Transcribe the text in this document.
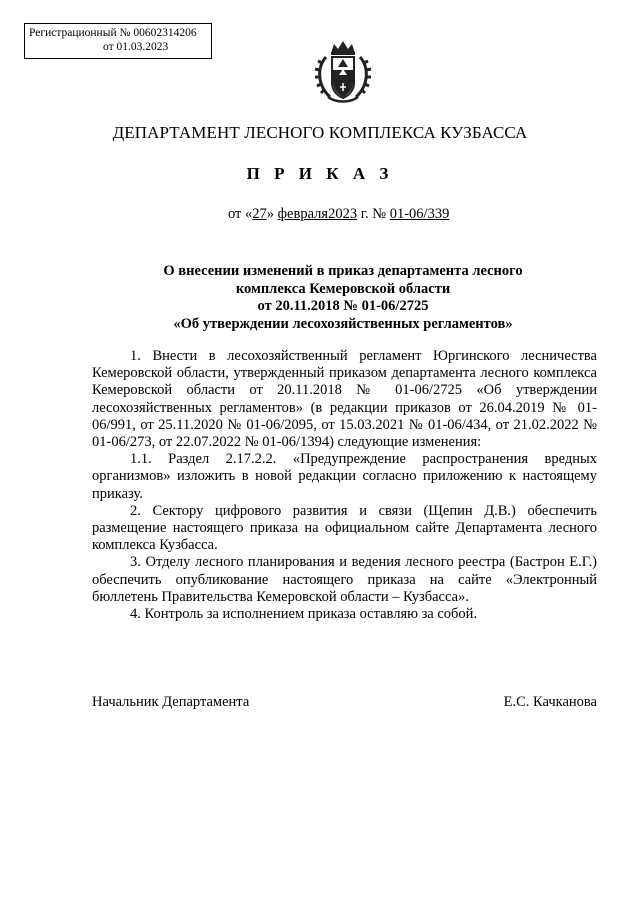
Регистрационный № 00602314206
от 01.03.2023
ДЕПАРТАМЕНТ ЛЕСНОГО КОМПЛЕКСА КУЗБАССА
П Р И К А З
от «27» февраля2023 г. № 01-06/339
О внесении изменений в приказ департамента лесного
комплекса Кемеровской области
от 20.11.2018 № 01-06/2725
«Об утверждении лесохозяйственных регламентов»

1. Внести в лесохозяйственный регламент Юргинского лесничества Кемеровской области, утвержденный приказом департамента лесного комплекса Кемеровской области от 20.11.2018 № 01-06/2725 «Об утверждении лесохозяйственных регламентов» (в редакции приказов от 26.04.2019 № 01-06/991, от 25.11.2020 № 01-06/2095, от 15.03.2021 № 01-06/434, от 21.02.2022 № 01-06/273, от 22.07.2022 № 01-06/1394) следующие изменения:

1.1. Раздел 2.17.2.2. «Предупреждение распространения вредных организмов» изложить в новой редакции согласно приложению к настоящему приказу.

2. Сектору цифрового развития и связи (Щепин Д.В.) обеспечить размещение настоящего приказа на официальном сайте Департамента лесного комплекса Кузбасса.

3. Отделу лесного планирования и ведения лесного реестра (Бастрон Е.Г.) обеспечить опубликование настоящего приказа на сайте «Электронный бюллетень Правительства Кемеровской области – Кузбасса».

4. Контроль за исполнением приказа оставляю за собой.

Начальник Департамента	Е.С. Качканова
